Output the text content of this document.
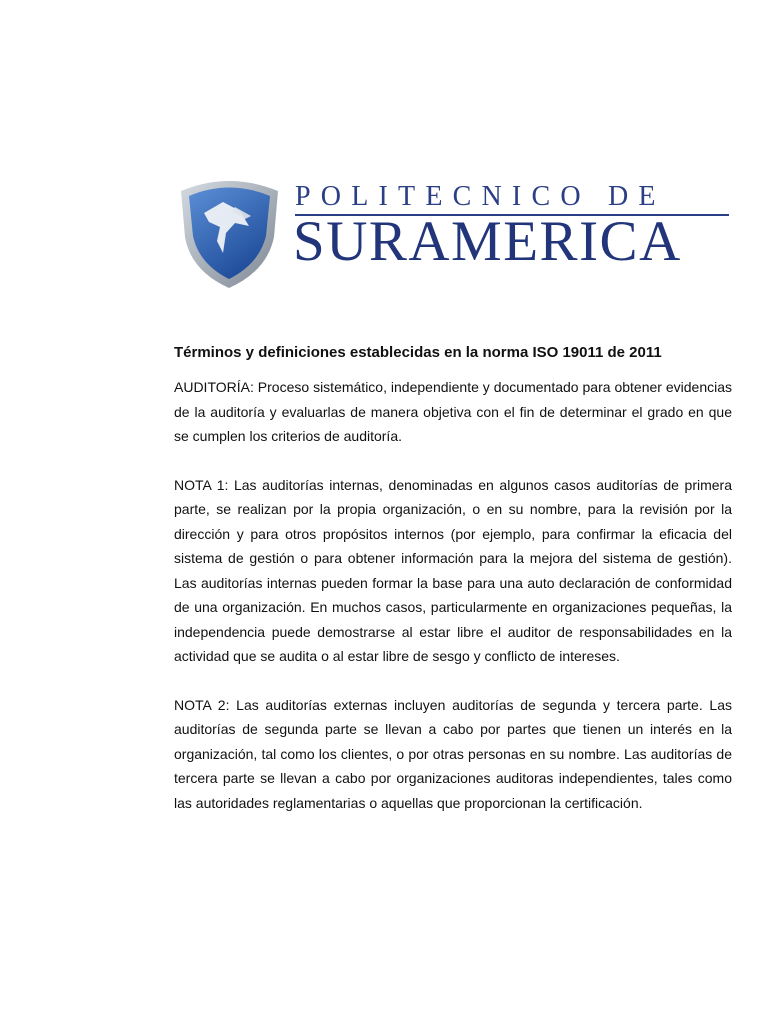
POLITECNICO DE
SURAMERICA
Términos y definiciones establecidas en la norma ISO 19011 de 2011

AUDITORÍA: Proceso sistemático, independiente y documentado para obtener evidencias de la auditoría y evaluarlas de manera objetiva con el fin de determinar el grado en que se cumplen los criterios de auditoría.

NOTA 1: Las auditorías internas, denominadas en algunos casos auditorías de primera parte, se realizan por la propia organización, o en su nombre, para la revisión por la dirección y para otros propósitos internos (por ejemplo, para confirmar la eficacia del sistema de gestión o para obtener información para la mejora del sistema de gestión). Las auditorías internas pueden formar la base para una auto declaración de conformidad de una organización. En muchos casos, particularmente en organizaciones pequeñas, la independencia puede demostrarse al estar libre el auditor de responsabilidades en la actividad que se audita o al estar libre de sesgo y conflicto de intereses.

NOTA 2: Las auditorías externas incluyen auditorías de segunda y tercera parte. Las auditorías de segunda parte se llevan a cabo por partes que tienen un interés en la organización, tal como los clientes, o por otras personas en su nombre. Las auditorías de tercera parte se llevan a cabo por organizaciones auditoras independientes, tales como las autoridades reglamentarias o aquellas que proporcionan la certificación.
